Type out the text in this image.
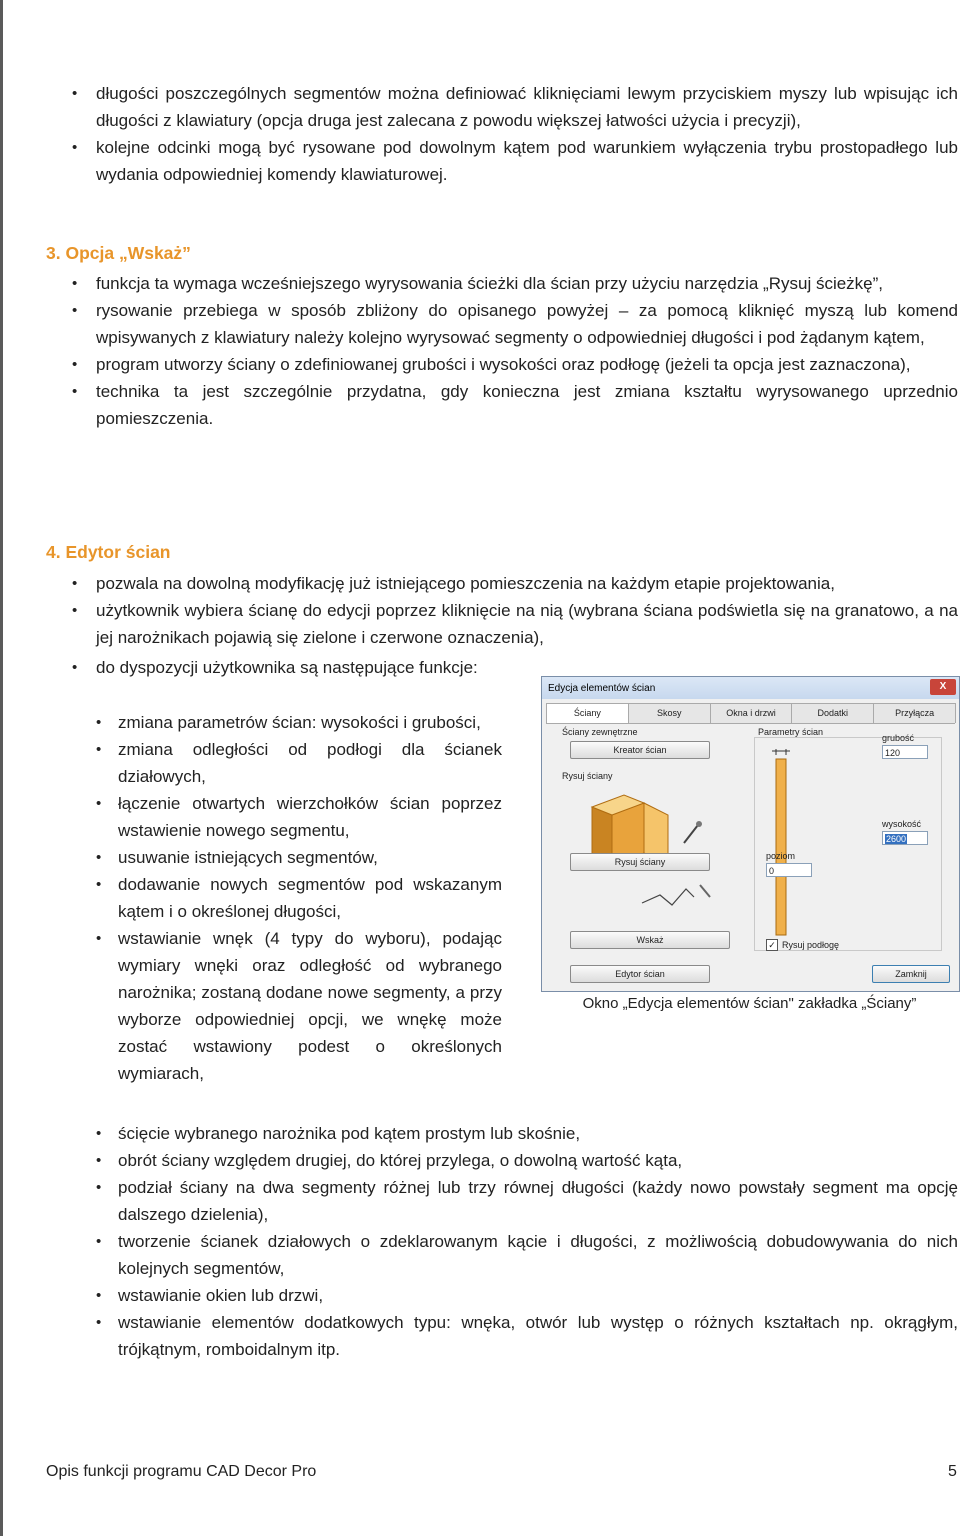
• długości poszczególnych segmentów można definiować kliknięciami lewym przyciskiem myszy lub wpisując ich długości z klawiatury (opcja druga jest zalecana z powodu większej łatwości użycia i precyzji),
• kolejne odcinki mogą być rysowane pod dowolnym kątem pod warunkiem wyłączenia trybu prostopadłego lub wydania odpowiedniej komendy klawiaturowej.
3. Opcja „Wskaż”
• funkcja ta wymaga wcześniejszego wyrysowania ścieżki dla ścian przy użyciu narzędzia „Rysuj ścieżkę”,
• rysowanie przebiega w sposób zbliżony do opisanego powyżej – za pomocą kliknięć myszą lub komend wpisywanych z klawiatury należy kolejno wyrysować segmenty o odpowiedniej długości i pod żądanym kątem,
• program utworzy ściany o zdefiniowanej grubości i wysokości oraz podłogę (jeżeli ta opcja jest zaznaczona),
• technika ta jest szczególnie przydatna, gdy konieczna jest zmiana kształtu wyrysowanego uprzednio pomieszczenia.
4. Edytor ścian
• pozwala na dowolną modyfikację już istniejącego pomieszczenia na każdym etapie projektowania,
• użytkownik wybiera ścianę do edycji poprzez kliknięcie na nią (wybrana ściana podświetla się na granatowo, a na jej narożnikach pojawią się zielone i czerwone oznaczenia),
• do dyspozycji użytkownika są następujące funkcje:
• zmiana parametrów ścian: wysokości i grubości,
• zmiana odległości od podłogi dla ścianek działowych,
• łączenie otwartych wierzchołków ścian poprzez wstawienie nowego segmentu,
• usuwanie istniejących segmentów,
• dodawanie nowych segmentów pod wskazanym kątem i o określonej długości,
• wstawianie wnęk (4 typy do wyboru), podając wymiary wnęki oraz odległość od wybranego narożnika; zostaną dodane nowe segmenty, a przy wyborze odpowiedniej opcji, we wnękę może zostać wstawiony podest o określonych wymiarach,
• ścięcie wybranego narożnika pod kątem prostym lub skośnie,
• obrót ściany względem drugiej, do której przylega, o dowolną wartość kąta,
• podział ściany na dwa segmenty różnej lub trzy równej długości (każdy nowo powstały segment ma opcję dalszego dzielenia),
• tworzenie ścianek działowych o zdeklarowanym kącie i długości, z możliwością dobudowywania do nich kolejnych segmentów,
• wstawianie okien lub drzwi,
• wstawianie elementów dodatkowych typu: wnęka, otwór lub występ o różnych kształtach np. okrągłym, trójkątnym, romboidalnym itp.
Edycja elementów ścian	X
Ściany	Skosy	Okna i drzwi	Dodatki	Przyłącza
Ściany zewnętrzne
Kreator ścian
Rysuj ściany
Rysuj ściany
Wskaż
Edytor ścian
Parametry ścian
grubość
120
wysokość
2600
poziom
0
✓ Rysuj podłogę
Zamknij
Okno „Edycja elementów ścian" zakładka „Ściany”
Opis funkcji programu CAD Decor Pro	5
